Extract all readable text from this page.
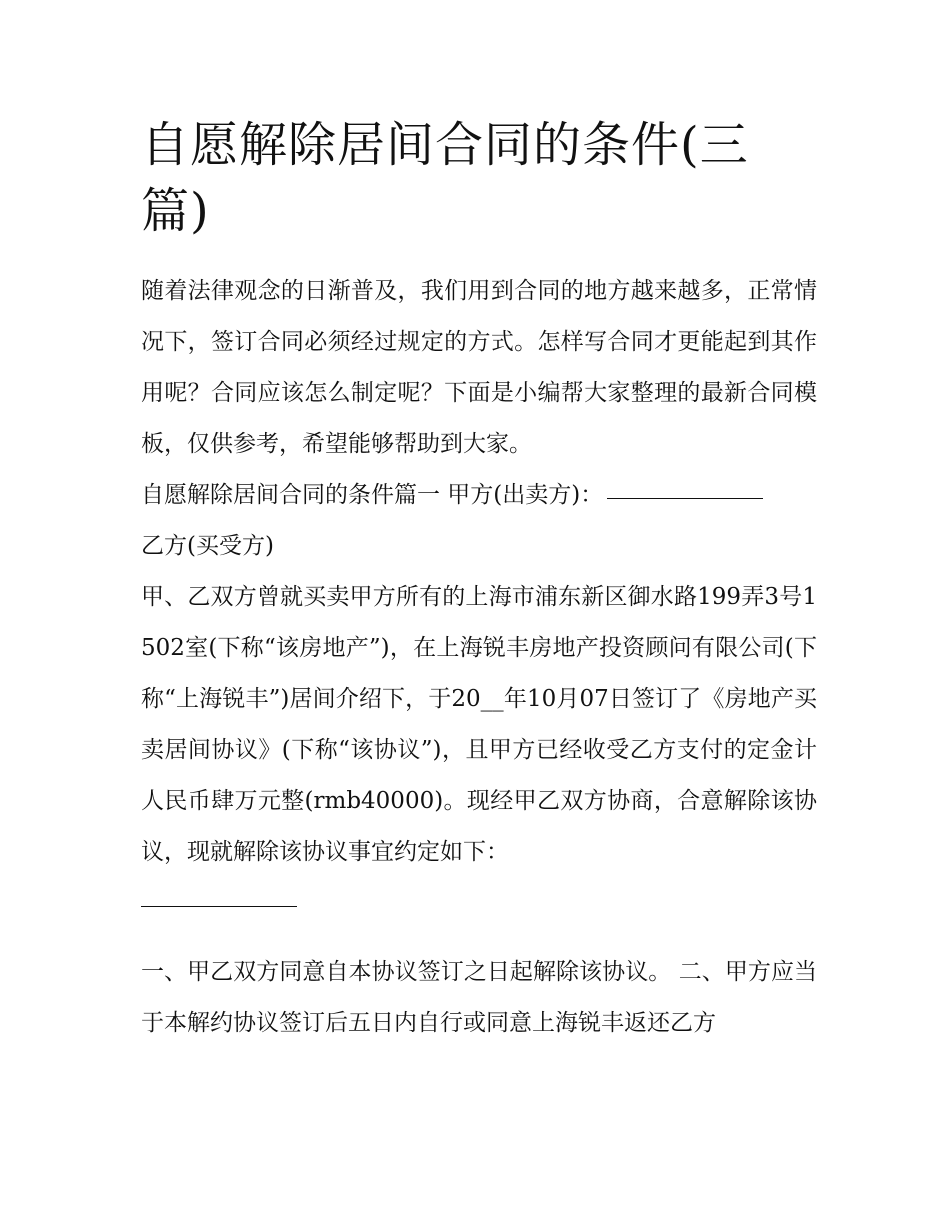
自愿解除居间合同的条件(三篇)

随着法律观念的日渐普及，我们用到合同的地方越来越多，正常情况下，签订合同必须经过规定的方式。怎样写合同才更能起到其作用呢？合同应该怎么制定呢？下面是小编帮大家整理的最新合同模板，仅供参考，希望能够帮助到大家。

自愿解除居间合同的条件篇一 甲方(出卖方)：

乙方(买受方)

甲、乙双方曾就买卖甲方所有的上海市浦东新区御水路199弄3号1502室(下称“该房地产”)，在上海锐丰房地产投资顾问有限公司(下称“上海锐丰”)居间介绍下，于20__年10月07日签订了《房地产买卖居间协议》(下称“该协议”)，且甲方已经收受乙方支付的定金计人民币肆万元整(rmb40000)。现经甲乙双方协商，合意解除该协议，现就解除该协议事宜约定如下：

一、甲乙双方同意自本协议签订之日起解除该协议。 二、甲方应当于本解约协议签订后五日内自行或同意上海锐丰返还乙方
